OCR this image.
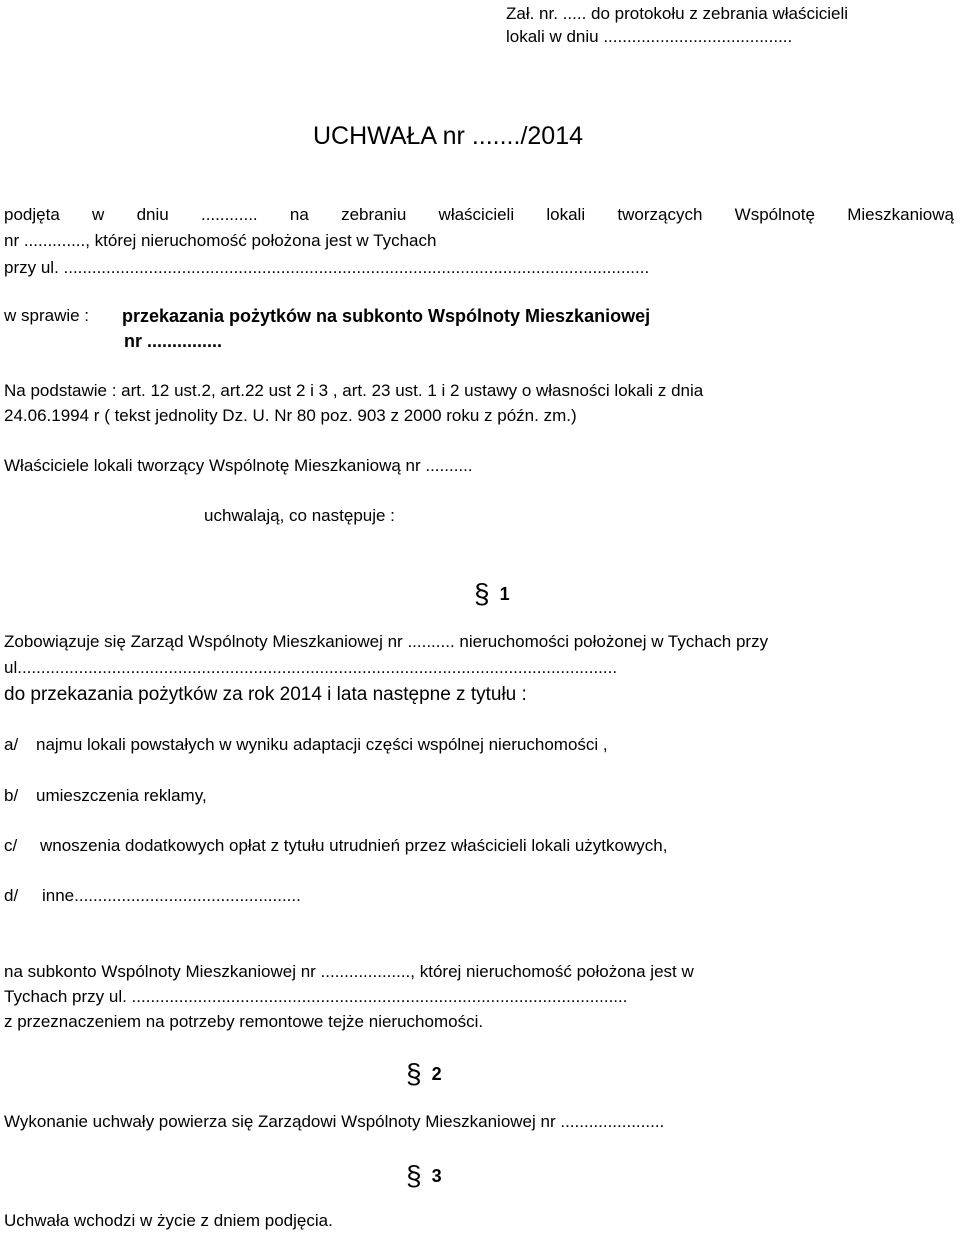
Zał. nr. ..... do protokołu z zebrania właścicieli
lokali w dniu ........................................
UCHWAŁA nr ......./2014
podjęta w dniu ............ na zebraniu właścicieli lokali tworzących Wspólnotę Mieszkaniową
nr ............., której nieruchomość położona jest w Tychach
przy ul. ............................................................................................................................
w sprawie : przekazania pożytków na subkonto Wspólnoty Mieszkaniowej
nr ...............
Na podstawie : art. 12 ust.2, art.22 ust 2 i 3 , art. 23 ust. 1 i 2 ustawy o własności lokali z dnia
24.06.1994 r ( tekst jednolity Dz. U. Nr 80 poz. 903 z 2000 roku z późn. zm.)
Właściciele lokali tworzący Wspólnotę Mieszkaniową nr ..........
uchwalają, co następuje :
§ 1
Zobowiązuje się Zarząd Wspólnoty Mieszkaniowej nr .......... nieruchomości położonej w Tychach przy
ul...............................................................................................................................
do przekazania pożytków za rok 2014 i lata następne z tytułu :
a/ najmu lokali powstałych w wyniku adaptacji części wspólnej nieruchomości ,
b/ umieszczenia reklamy,
c/ wnoszenia dodatkowych opłat z tytułu utrudnień przez właścicieli lokali użytkowych,
d/ inne................................................
na subkonto Wspólnoty Mieszkaniowej nr ..................., której nieruchomość położona jest w
Tychach przy ul. .........................................................................................................
z przeznaczeniem na potrzeby remontowe tejże nieruchomości.
§ 2
Wykonanie uchwały powierza się Zarządowi Wspólnoty Mieszkaniowej nr ......................
§ 3
Uchwała wchodzi w życie z dniem podjęcia.
